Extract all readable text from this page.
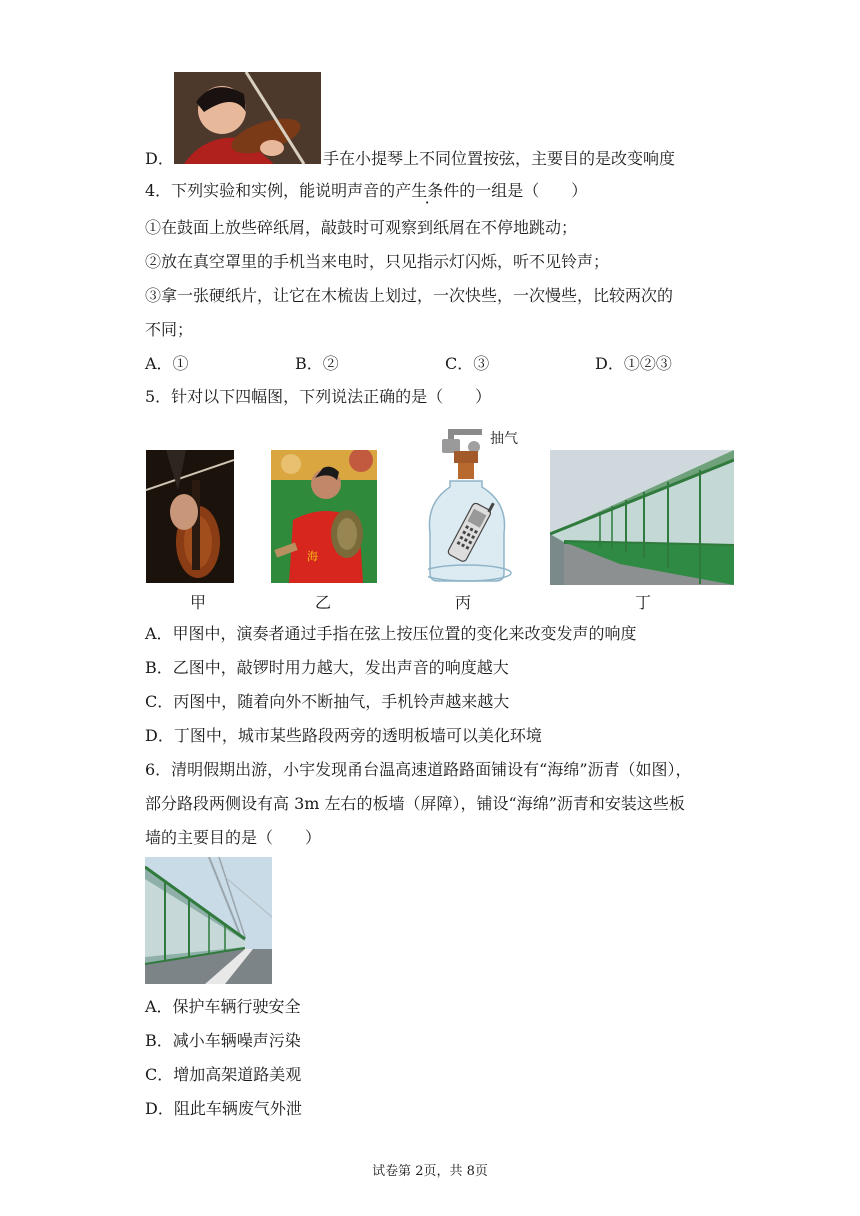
D．	手在小提琴上不同位置按弦，主要目的是改变响度
4．下列实验和实例，能说明声音的产生条件的一组是（　　）
①在鼓面上放些碎纸屑，敲鼓时可观察到纸屑在不停地跳动；
②放在真空罩里的手机当来电时，只见指示灯闪烁，听不见铃声；
③拿一张硬纸片，让它在木梳齿上划过，一次快些，一次慢些，比较两次的
不同；
A．①	B．②	C．③	D．①②③
5．针对以下四幅图，下列说法正确的是（　　）
海
抽气
甲	乙	丙	丁
A．甲图中，演奏者通过手指在弦上按压位置的变化来改变发声的响度
B．乙图中，敲锣时用力越大，发出声音的响度越大
C．丙图中，随着向外不断抽气，手机铃声越来越大
D．丁图中，城市某些路段两旁的透明板墙可以美化环境
6．清明假期出游，小宇发现甬台温高速道路路面铺设有“海绵”沥青（如图），
部分路段两侧设有高 3m 左右的板墙（屏障），铺设“海绵”沥青和安装这些板
墙的主要目的是（　　）
A．保护车辆行驶安全
B．减小车辆噪声污染
C．增加高架道路美观
D．阻此车辆废气外泄
试卷第 2页，共 8页
